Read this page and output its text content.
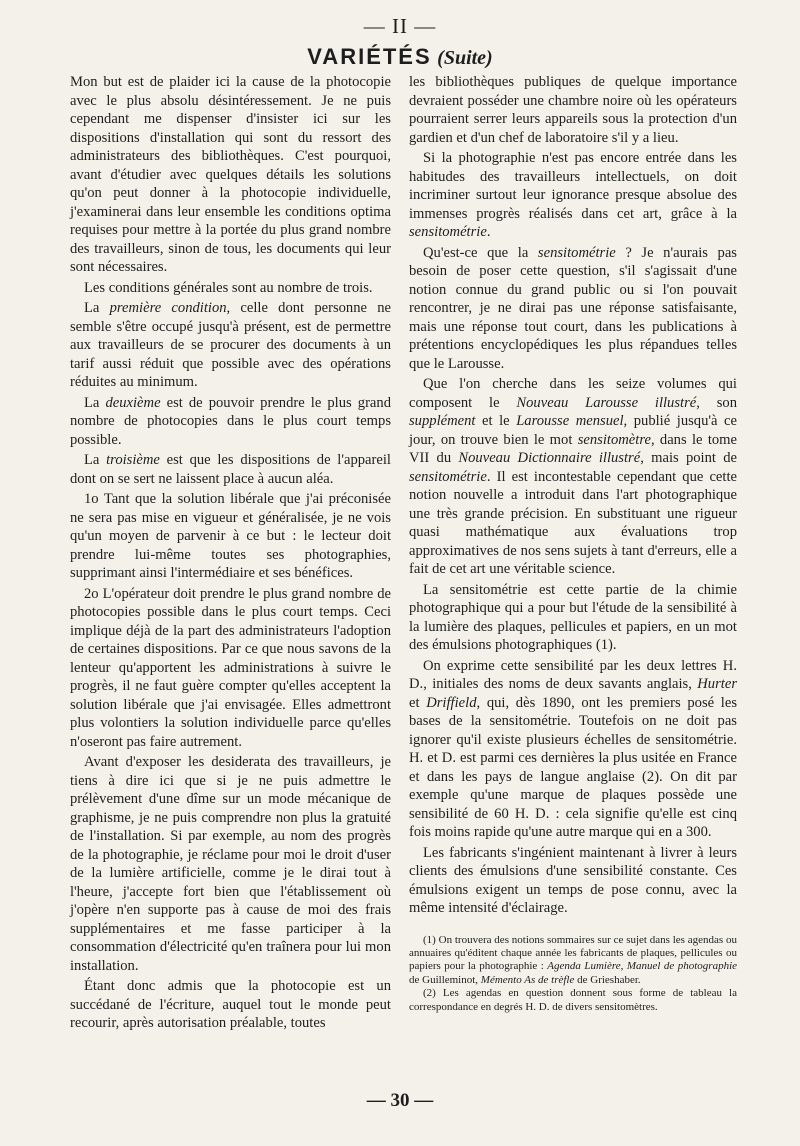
— II —
VARIÉTÉS (Suite)

Mon but est de plaider ici la cause de la photocopie avec le plus absolu désintéressement. Je ne puis cependant me dispenser d'insister ici sur les dispositions d'installation qui sont du ressort des administrateurs des bibliothèques. C'est pourquoi, avant d'étudier avec quelques détails les solutions qu'on peut donner à la photocopie individuelle, j'examinerai dans leur ensemble les conditions optima requises pour mettre à la portée du plus grand nombre des travailleurs, sinon de tous, les documents qui leur sont nécessaires.

Les conditions générales sont au nombre de trois.

La première condition, celle dont personne ne semble s'être occupé jusqu'à présent, est de permettre aux travailleurs de se procurer des documents à un tarif aussi réduit que possible avec des opérations réduites au minimum.

La deuxième est de pouvoir prendre le plus grand nombre de photocopies dans le plus court temps possible.

La troisième est que les dispositions de l'appareil dont on se sert ne laissent place à aucun aléa.

1o Tant que la solution libérale que j'ai préconisée ne sera pas mise en vigueur et généralisée, je ne vois qu'un moyen de parvenir à ce but : le lecteur doit prendre lui-même toutes ses photographies, supprimant ainsi l'intermédiaire et ses bénéfices.

2o L'opérateur doit prendre le plus grand nombre de photocopies possible dans le plus court temps. Ceci implique déjà de la part des administrateurs l'adoption de certaines dispositions. Par ce que nous savons de la lenteur qu'apportent les administrations à suivre le progrès, il ne faut guère compter qu'elles acceptent la solution libérale que j'ai envisagée. Elles admettront plus volontiers la solution individuelle parce qu'elles n'oseront pas faire autrement.

Avant d'exposer les desiderata des travailleurs, je tiens à dire ici que si je ne puis admettre le prélèvement d'une dîme sur un mode mécanique de graphisme, je ne puis comprendre non plus la gratuité de l'installation. Si par exemple, au nom des progrès de la photographie, je réclame pour moi le droit d'user de la lumière artificielle, comme je le dirai tout à l'heure, j'accepte fort bien que l'établissement où j'opère n'en supporte pas à cause de moi des frais supplémentaires et me fasse participer à la consommation d'électricité qu'en traînera pour lui mon installation.

Étant donc admis que la photocopie est un succédané de l'écriture, auquel tout le monde peut recourir, après autorisation préalable, toutes

les bibliothèques publiques de quelque importance devraient posséder une chambre noire où les opérateurs pourraient serrer leurs appareils sous la protection d'un gardien et d'un chef de laboratoire s'il y a lieu.

Si la photographie n'est pas encore entrée dans les habitudes des travailleurs intellectuels, on doit incriminer surtout leur ignorance presque absolue des immenses progrès réalisés dans cet art, grâce à la sensitométrie.

Qu'est-ce que la sensitométrie ? Je n'aurais pas besoin de poser cette question, s'il s'agissait d'une notion connue du grand public ou si l'on pouvait rencontrer, je ne dirai pas une réponse satisfaisante, mais une réponse tout court, dans les publications à prétentions encyclopédiques les plus répandues telles que le Larousse.

Que l'on cherche dans les seize volumes qui composent le Nouveau Larousse illustré, son supplément et le Larousse mensuel, publié jusqu'à ce jour, on trouve bien le mot sensitomètre, dans le tome VII du Nouveau Dictionnaire illustré, mais point de sensitométrie. Il est incontestable cependant que cette notion nouvelle a introduit dans l'art photographique une très grande précision. En substituant une rigueur quasi mathématique aux évaluations trop approximatives de nos sens sujets à tant d'erreurs, elle a fait de cet art une véritable science.

La sensitométrie est cette partie de la chimie photographique qui a pour but l'étude de la sensibilité à la lumière des plaques, pellicules et papiers, en un mot des émulsions photographiques (1).

On exprime cette sensibilité par les deux lettres H. D., initiales des noms de deux savants anglais, Hurter et Driffield, qui, dès 1890, ont les premiers posé les bases de la sensitométrie. Toutefois on ne doit pas ignorer qu'il existe plusieurs échelles de sensitométrie. H. et D. est parmi ces dernières la plus usitée en France et dans les pays de langue anglaise (2). On dit par exemple qu'une marque de plaques possède une sensibilité de 60 H. D. : cela signifie qu'elle est cinq fois moins rapide qu'une autre marque qui en a 300.

Les fabricants s'ingénient maintenant à livrer à leurs clients des émulsions d'une sensibilité constante. Ces émulsions exigent un temps de pose connu, avec la même intensité d'éclairage.

(1) On trouvera des notions sommaires sur ce sujet dans les agendas ou annuaires qu'éditent chaque année les fabricants de plaques, pellicules ou papiers pour la photographie : Agenda Lumière, Manuel de photographie de Guilleminot, Mémento As de trèfle de Grieshaber.

(2) Les agendas en question donnent sous forme de tableau la correspondance en degrés H. D. de divers sensitomètres.

— 30 —
